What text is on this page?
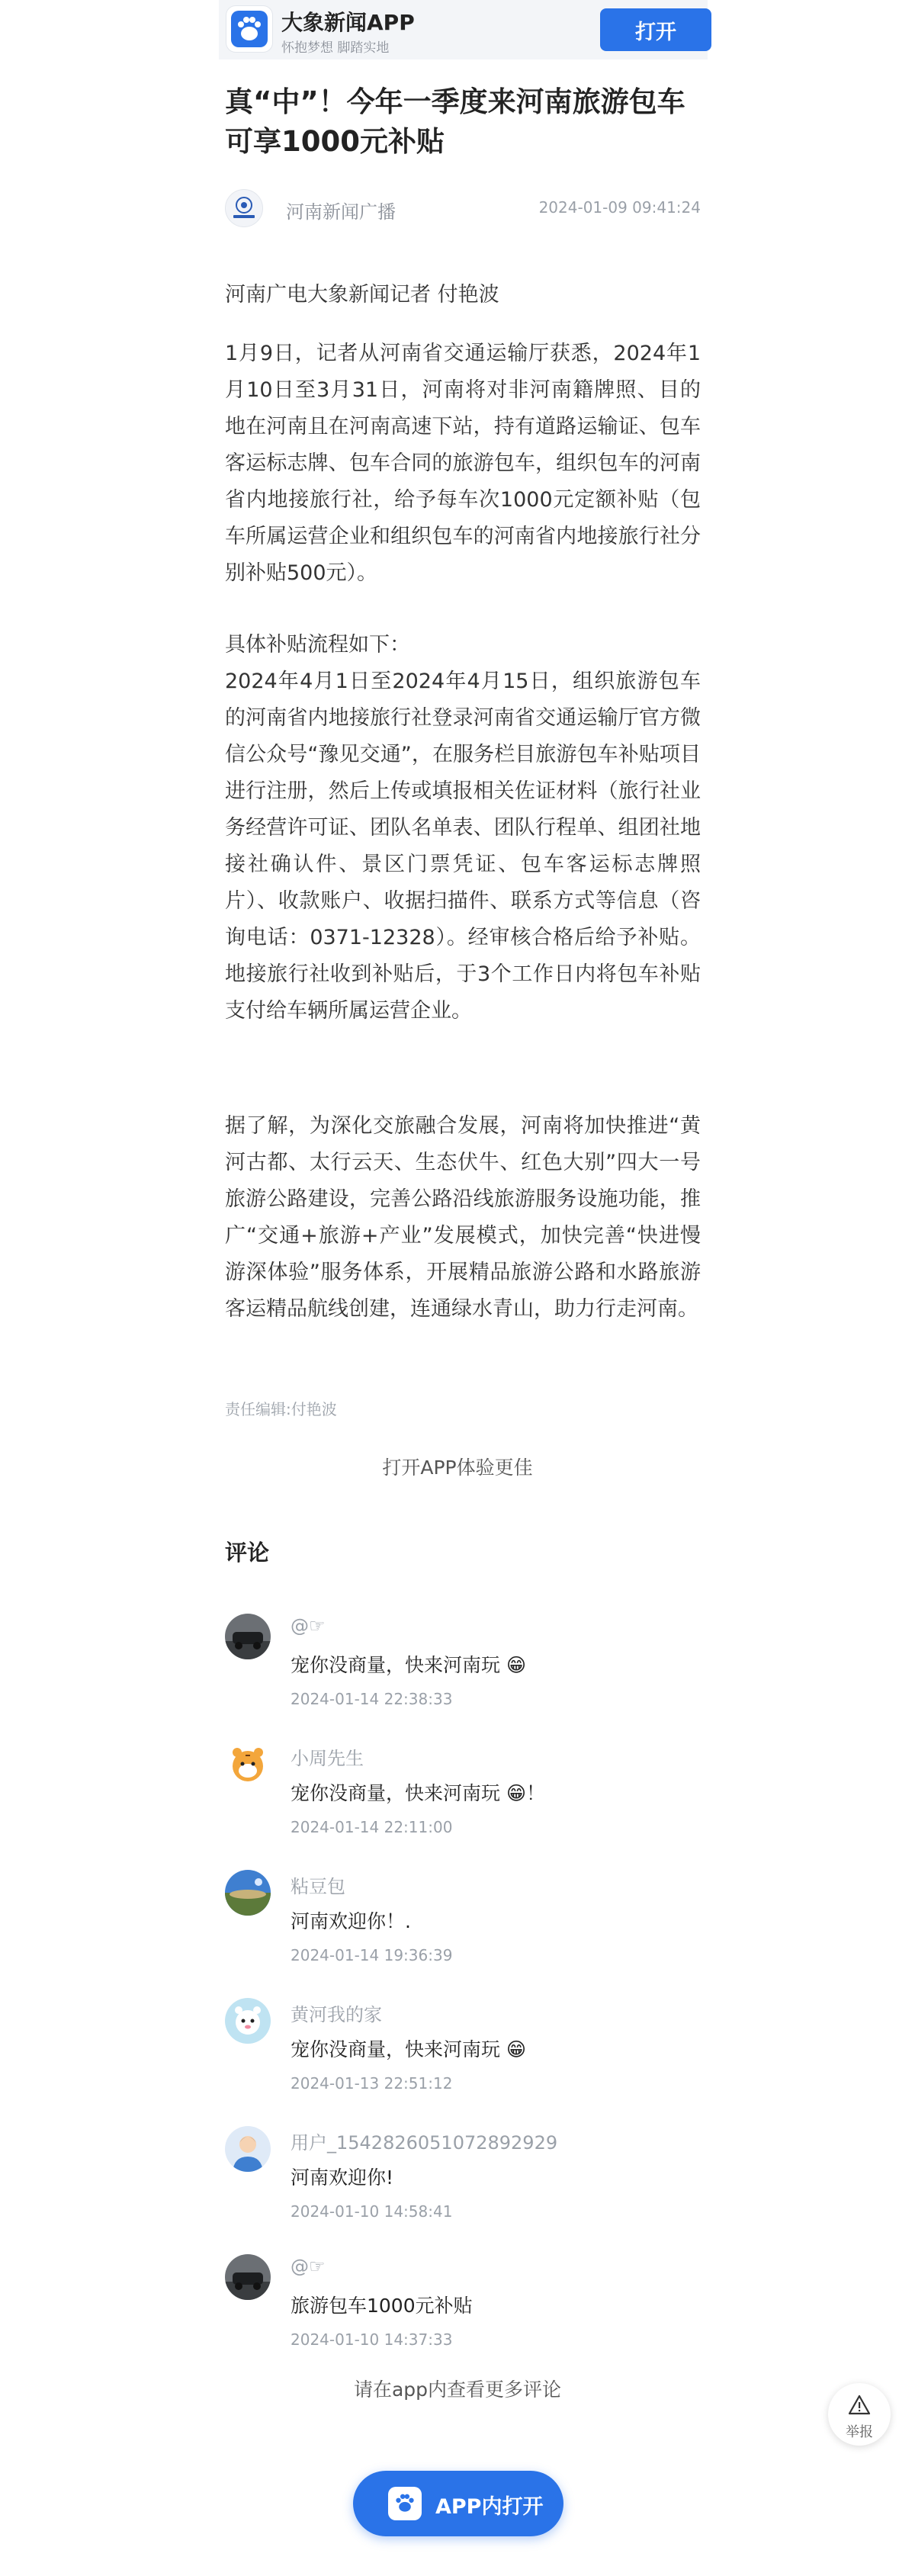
大象新闻APP
怀抱梦想 脚踏实地
打开
真“中”！今年一季度来河南旅游包车可享1000元补贴
河南新闻广播	2024-01-09 09:41:24

河南广电大象新闻记者 付艳波

1月9日，记者从河南省交通运输厅获悉，2024年1月10日至3月31日，河南将对非河南籍牌照、目的地在河南且在河南高速下站，持有道路运输证、包车客运标志牌、包车合同的旅游包车，组织包车的河南省内地接旅行社，给予每车次1000元定额补贴（包车所属运营企业和组织包车的河南省内地接旅行社分别补贴500元）。

具体补贴流程如下：

2024年4月1日至2024年4月15日，组织旅游包车的河南省内地接旅行社登录河南省交通运输厅官方微信公众号“豫见交通”，在服务栏目旅游包车补贴项目进行注册，然后上传或填报相关佐证材料（旅行社业务经营许可证、团队名单表、团队行程单、组团社地接社确认件、景区门票凭证、包车客运标志牌照片）、收款账户、收据扫描件、联系方式等信息（咨询电话：0371-12328）。经审核合格后给予补贴。地接旅行社收到补贴后，于3个工作日内将包车补贴支付给车辆所属运营企业。

据了解，为深化交旅融合发展，河南将加快推进“黄河古都、太行云天、生态伏牛、红色大别”四大一号旅游公路建设，完善公路沿线旅游服务设施功能，推广“交通+旅游+产业”发展模式，加快完善“快进慢游深体验”服务体系，开展精品旅游公路和水路旅游客运精品航线创建，连通绿水青山，助力行走河南。

责任编辑:付艳波
打开APP体验更佳
评论
@☞
宠你没商量，快来河南玩 😁
2024-01-14 22:38:33
小周先生
宠你没商量，快来河南玩 😁！
2024-01-14 22:11:00
粘豆包
河南欢迎你！.
2024-01-14 19:36:39
黄河我的家
宠你没商量，快来河南玩 😁
2024-01-13 22:51:12
用户_1542826051072892929
河南欢迎你!
2024-01-10 14:58:41
@☞
旅游包车1000元补贴
2024-01-10 14:37:33
请在app内查看更多评论
举报
APP内打开
